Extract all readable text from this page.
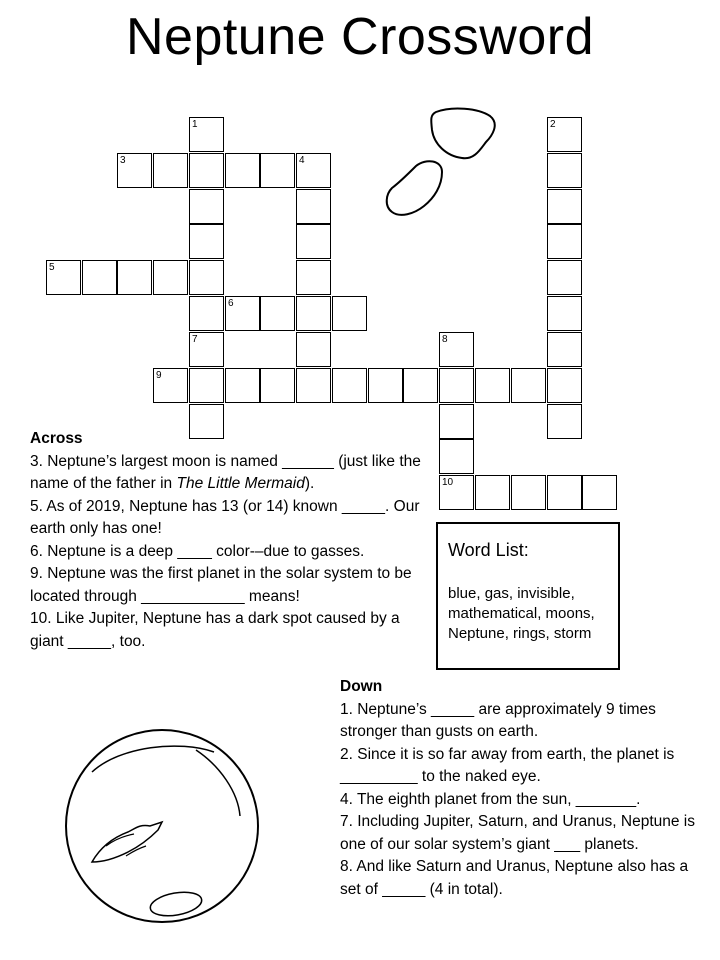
Neptune Crossword
1
7
3	4
5
6
9
8
10
2
Across

3. Neptune’s largest moon is named ______ (just like the name of the father in The Little Mermaid).

5. As of 2019, Neptune has 13 (or 14) known _____. Our earth only has one!

6. Neptune is a deep ____ color-–due to gasses.

9. Neptune was the first planet in the solar system to be located through ____________ means!

10. Like Jupiter, Neptune has a dark spot caused by a giant _____, too.

Word List:
blue, gas, invisible, mathematical, moons, Neptune, rings, storm
Down

1. Neptune’s _____ are approximately 9 times stronger than gusts on earth.

2. Since it is so far away from earth, the planet is _________ to the naked eye.

4. The eighth planet from the sun, _______.

7. Including Jupiter, Saturn, and Uranus, Neptune is one of our solar system’s giant ___ planets.

8. And like Saturn and Uranus, Neptune also has a set of _____ (4 in total).
